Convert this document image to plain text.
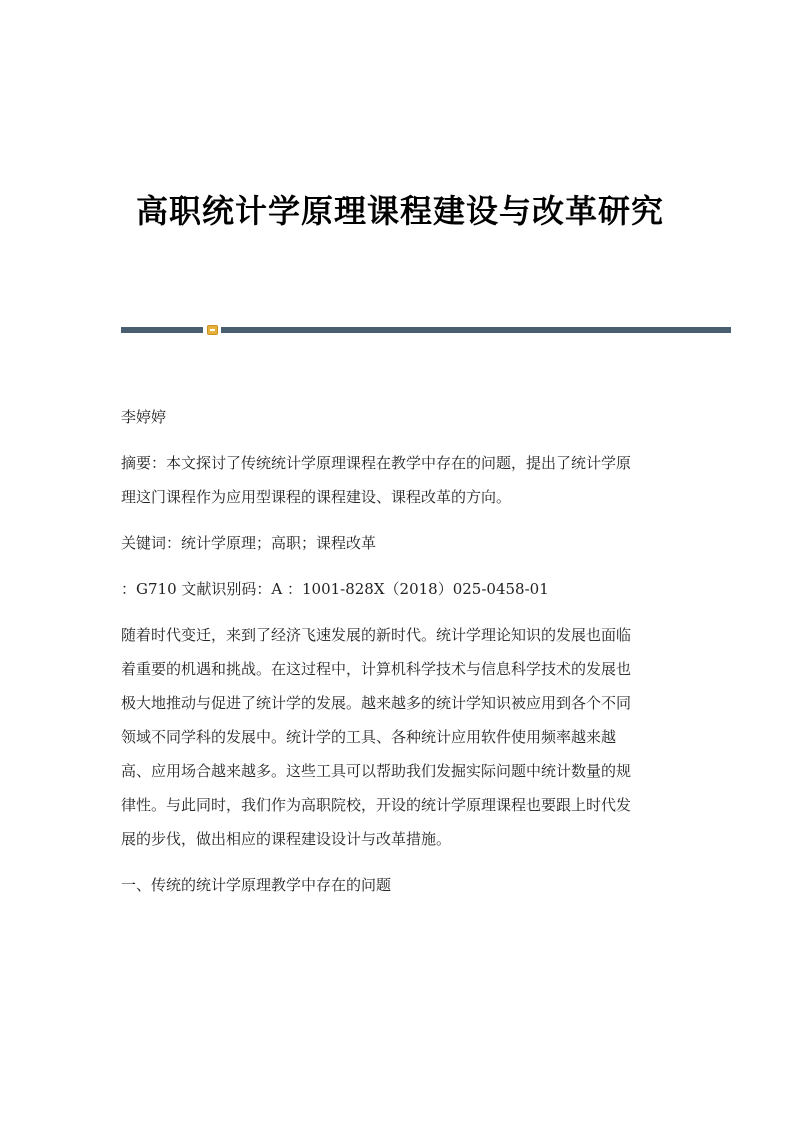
高职统计学原理课程建设与改革研究

李婷婷

摘要：本文探讨了传统统计学原理课程在教学中存在的问题，提出了统计学原

理这门课程作为应用型课程的课程建设、课程改革的方向。

关键词：统计学原理；高职；课程改革

：G710 文献识别码：A ：1001-828X（2018）025-0458-01

随着时代变迁，来到了经济飞速发展的新时代。统计学理论知识的发展也面临

着重要的机遇和挑战。在这过程中，计算机科学技术与信息科学技术的发展也

极大地推动与促进了统计学的发展。越来越多的统计学知识被应用到各个不同

领域不同学科的发展中。统计学的工具、各种统计应用软件使用频率越来越

高、应用场合越来越多。这些工具可以帮助我们发掘实际问题中统计数量的规

律性。与此同时，我们作为高职院校，开设的统计学原理课程也要跟上时代发

展的步伐，做出相应的课程建设设计与改革措施。

一、传统的统计学原理教学中存在的问题
